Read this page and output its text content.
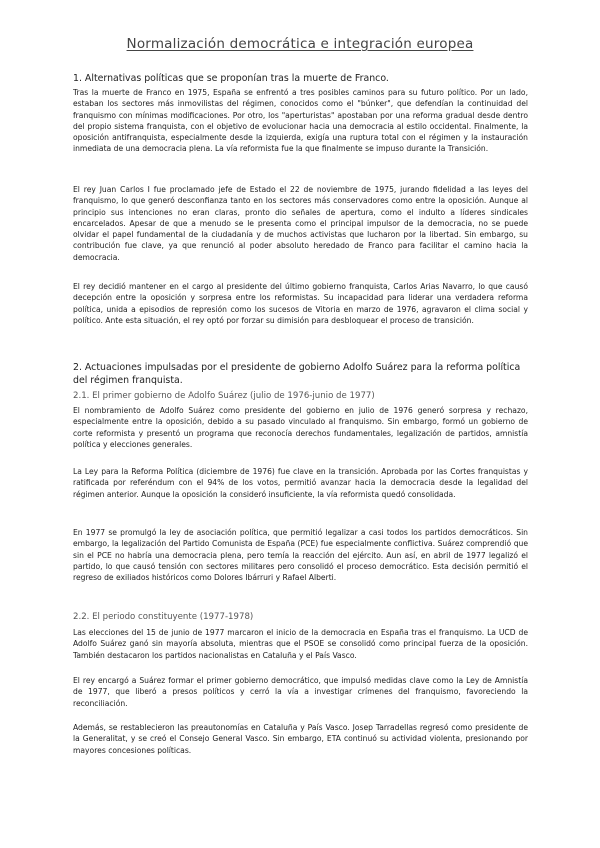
Normalización democrática e integración europea
1. Alternativas políticas que se proponían tras la muerte de Franco.

Tras la muerte de Franco en 1975, España se enfrentó a tres posibles caminos para su futuro político. Por un lado, estaban los sectores más inmovilistas del régimen, conocidos como el "búnker", que defendían la continuidad del franquismo con mínimas modificaciones. Por otro, los "aperturistas" apostaban por una reforma gradual desde dentro del propio sistema franquista, con el objetivo de evolucionar hacia una democracia al estilo occidental. Finalmente, la oposición antifranquista, especialmente desde la izquierda, exigía una ruptura total con el régimen y la instauración inmediata de una democracia plena. La vía reformista fue la que finalmente se impuso durante la Transición.

El rey Juan Carlos I fue proclamado jefe de Estado el 22 de noviembre de 1975, jurando fidelidad a las leyes del franquismo, lo que generó desconfianza tanto en los sectores más conservadores como entre la oposición. Aunque al principio sus intenciones no eran claras, pronto dio señales de apertura, como el indulto a líderes sindicales encarcelados. Apesar de que a menudo se le presenta como el principal impulsor de la democracia, no se puede olvidar el papel fundamental de la ciudadanía y de muchos activistas que lucharon por la libertad. Sin embargo, su contribución fue clave, ya que renunció al poder absoluto heredado de Franco para facilitar el camino hacia la democracia.

El rey decidió mantener en el cargo al presidente del último gobierno franquista, Carlos Arias Navarro, lo que causó decepción entre la oposición y sorpresa entre los reformistas. Su incapacidad para liderar una verdadera reforma política, unida a episodios de represión como los sucesos de Vitoria en marzo de 1976, agravaron el clima social y político. Ante esta situación, el rey optó por forzar su dimisión para desbloquear el proceso de transición.

2. Actuaciones impulsadas por el presidente de gobierno Adolfo Suárez para la reforma política del régimen franquista.
2.1. El primer gobierno de Adolfo Suárez (julio de 1976-junio de 1977)

El nombramiento de Adolfo Suárez como presidente del gobierno en julio de 1976 generó sorpresa y rechazo, especialmente entre la oposición, debido a su pasado vinculado al franquismo. Sin embargo, formó un gobierno de corte reformista y presentó un programa que reconocía derechos fundamentales, legalización de partidos, amnistía política y elecciones generales.

La Ley para la Reforma Política (diciembre de 1976) fue clave en la transición. Aprobada por las Cortes franquistas y ratificada por referéndum con el 94% de los votos, permitió avanzar hacia la democracia desde la legalidad del régimen anterior. Aunque la oposición la consideró insuficiente, la vía reformista quedó consolidada.

En 1977 se promulgó la ley de asociación política, que permitió legalizar a casi todos los partidos democráticos. Sin embargo, la legalización del Partido Comunista de España (PCE) fue especialmente conflictiva. Suárez comprendió que sin el PCE no habría una democracia plena, pero temía la reacción del ejército. Aun así, en abril de 1977 legalizó el partido, lo que causó tensión con sectores militares pero consolidó el proceso democrático. Esta decisión permitió el regreso de exiliados históricos como Dolores Ibárruri y Rafael Alberti.

2.2. El periodo constituyente (1977-1978)

Las elecciones del 15 de junio de 1977 marcaron el inicio de la democracia en España tras el franquismo. La UCD de Adolfo Suárez ganó sin mayoría absoluta, mientras que el PSOE se consolidó como principal fuerza de la oposición. También destacaron los partidos nacionalistas en Cataluña y el País Vasco.

El rey encargó a Suárez formar el primer gobierno democrático, que impulsó medidas clave como la Ley de Amnistía de 1977, que liberó a presos políticos y cerró la vía a investigar crímenes del franquismo, favoreciendo la reconciliación.

Además, se restablecieron las preautonomías en Cataluña y País Vasco. Josep Tarradellas regresó como presidente de la Generalitat, y se creó el Consejo General Vasco. Sin embargo, ETA continuó su actividad violenta, presionando por mayores concesiones políticas.
